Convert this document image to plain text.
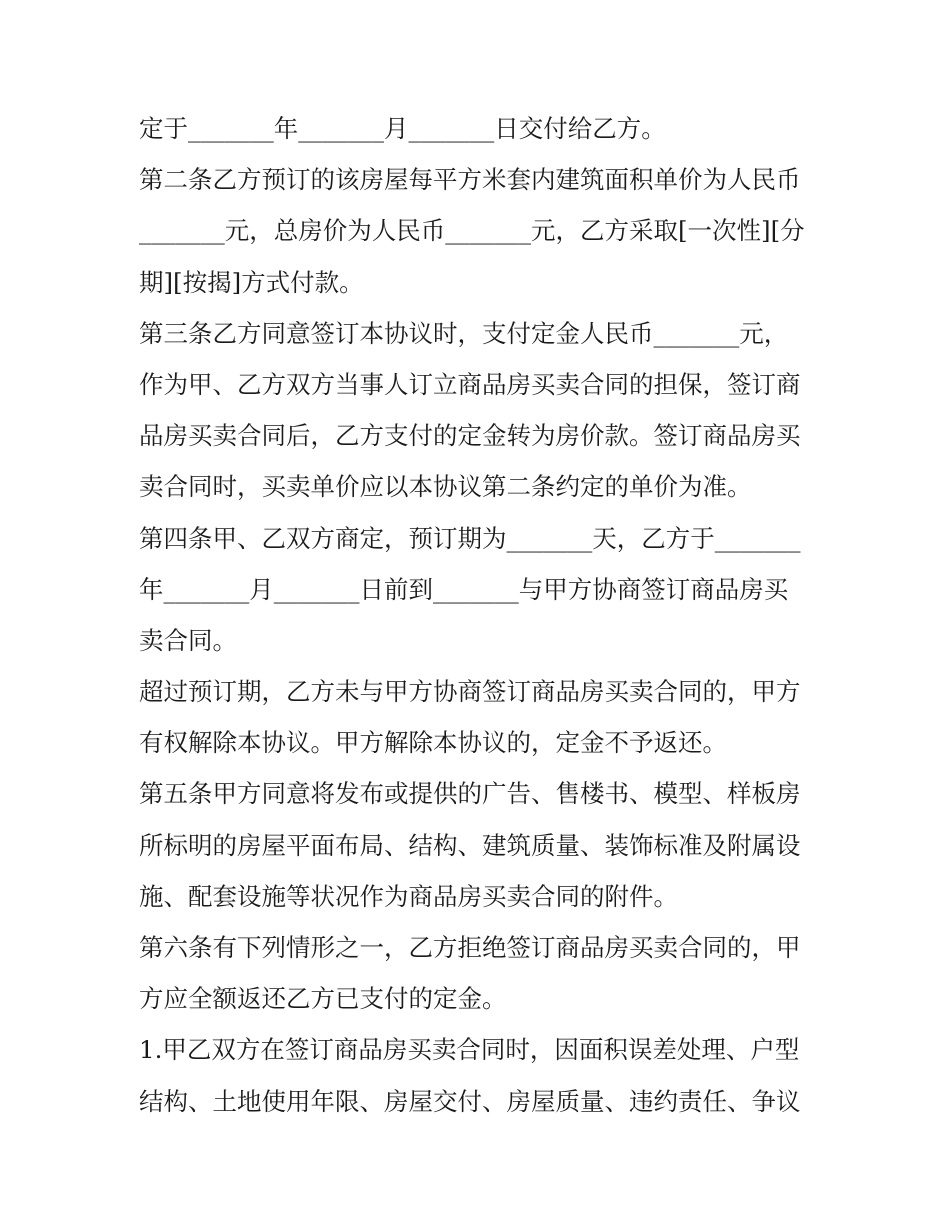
定于_______年_______月_______日交付给乙方。
第二条乙方预订的该房屋每平方米套内建筑面积单价为人民币
_______元，总房价为人民币_______元，乙方采取[一次性][分
期][按揭]方式付款。
第三条乙方同意签订本协议时，支付定金人民币_______元，
作为甲、乙方双方当事人订立商品房买卖合同的担保，签订商
品房买卖合同后，乙方支付的定金转为房价款。签订商品房买
卖合同时，买卖单价应以本协议第二条约定的单价为准。
第四条甲、乙双方商定，预订期为_______天，乙方于_______
年_______月_______日前到_______与甲方协商签订商品房买
卖合同。
超过预订期，乙方未与甲方协商签订商品房买卖合同的，甲方
有权解除本协议。甲方解除本协议的，定金不予返还。
第五条甲方同意将发布或提供的广告、售楼书、模型、样板房
所标明的房屋平面布局、结构、建筑质量、装饰标准及附属设
施、配套设施等状况作为商品房买卖合同的附件。
第六条有下列情形之一，乙方拒绝签订商品房买卖合同的，甲
方应全额返还乙方已支付的定金。
1.甲乙双方在签订商品房买卖合同时，因面积误差处理、户型
结构、土地使用年限、房屋交付、房屋质量、违约责任、争议
